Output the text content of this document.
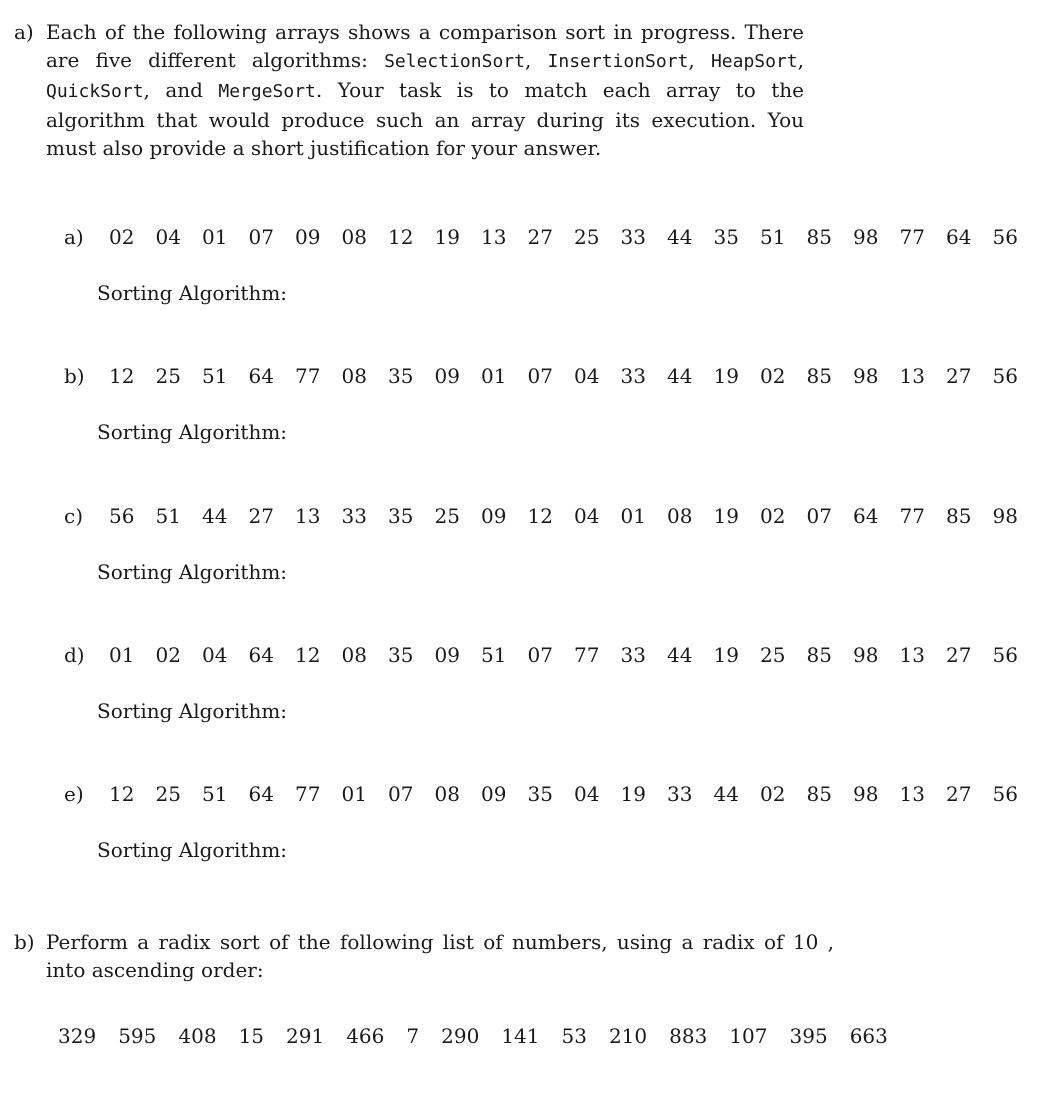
a) Each of the following arrays shows a comparison sort in progress. There are five different algorithms: SelectionSort, InsertionSort, HeapSort, QuickSort, and MergeSort. Your task is to match each array to the algorithm that would produce such an array during its execution. You must also provide a short justification for your answer.
a) 02	04	01	07	09	08	12	19	13	27	25	33	44	35	51	85	98	77	64	56
Sorting Algorithm:
b) 12	25	51	64	77	08	35	09	01	07	04	33	44	19	02	85	98	13	27	56
Sorting Algorithm:
c) 56	51	44	27	13	33	35	25	09	12	04	01	08	19	02	07	64	77	85	98
Sorting Algorithm:
d) 01	02	04	64	12	08	35	09	51	07	77	33	44	19	25	85	98	13	27	56
Sorting Algorithm:
e) 12	25	51	64	77	01	07	08	09	35	04	19	33	44	02	85	98	13	27	56
Sorting Algorithm:
b) Perform a radix sort of the following list of numbers, using a radix of 10 , into ascending order:
329 595 408 15 291 466 7 290 141 53 210 883 107 395 663
